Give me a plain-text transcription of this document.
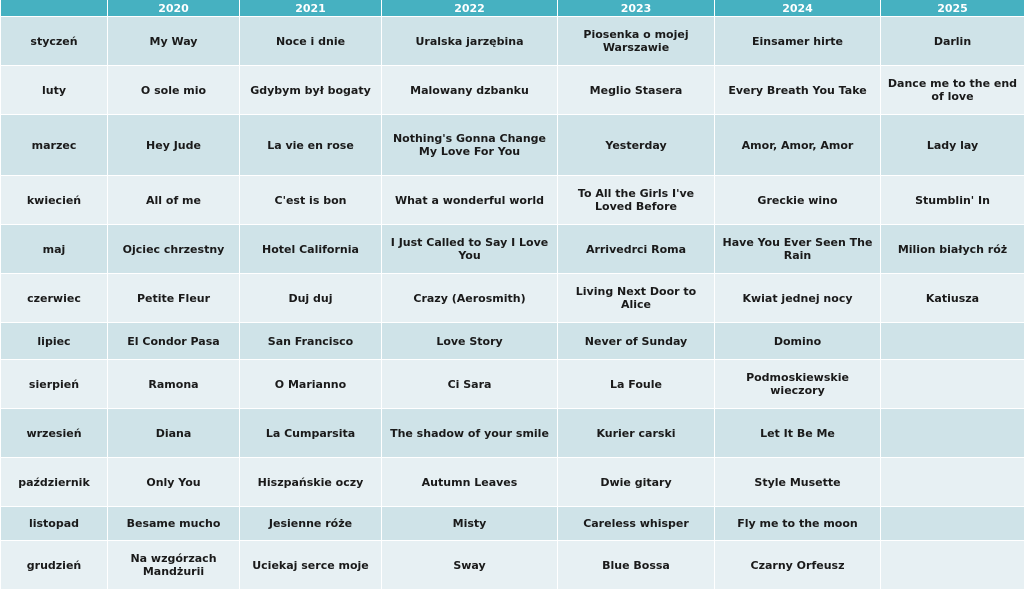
	2020	2021	2022	2023	2024	2025
styczeń	My Way	Noce i dnie	Uralska jarzębina	Piosenka o mojej Warszawie	Einsamer hirte	Darlin
luty	O sole mio	Gdybym był bogaty	Malowany dzbanku	Meglio Stasera	Every Breath You Take	Dance me to the end of love
marzec	Hey Jude	La vie en rose	Nothing's Gonna Change My Love For You	Yesterday	Amor, Amor, Amor	Lady lay
kwiecień	All of me	C'est is bon	What a wonderful world	To All the Girls I've Loved Before	Greckie wino	Stumblin' In
maj	Ojciec chrzestny	Hotel California	I Just Called to Say I Love You	Arrivedrci Roma	Have You Ever Seen The Rain	Milion białych róż
czerwiec	Petite Fleur	Duj duj	Crazy (Aerosmith)	Living Next Door to Alice	Kwiat jednej nocy	Katiusza
lipiec	El Condor Pasa	San Francisco	Love Story	Never of Sunday	Domino	
sierpień	Ramona	O Marianno	Ci Sara	La Foule	Podmoskiewskie wieczory	
wrzesień	Diana	La Cumparsita	The shadow of your smile	Kurier carski	Let It Be Me	
październik	Only You	Hiszpańskie oczy	Autumn Leaves	Dwie gitary	Style Musette	
listopad	Besame mucho	Jesienne róże	Misty	Careless whisper	Fly me to the moon	
grudzień	Na wzgórzach Mandżurii	Uciekaj serce moje	Sway	Blue Bossa	Czarny Orfeusz	
